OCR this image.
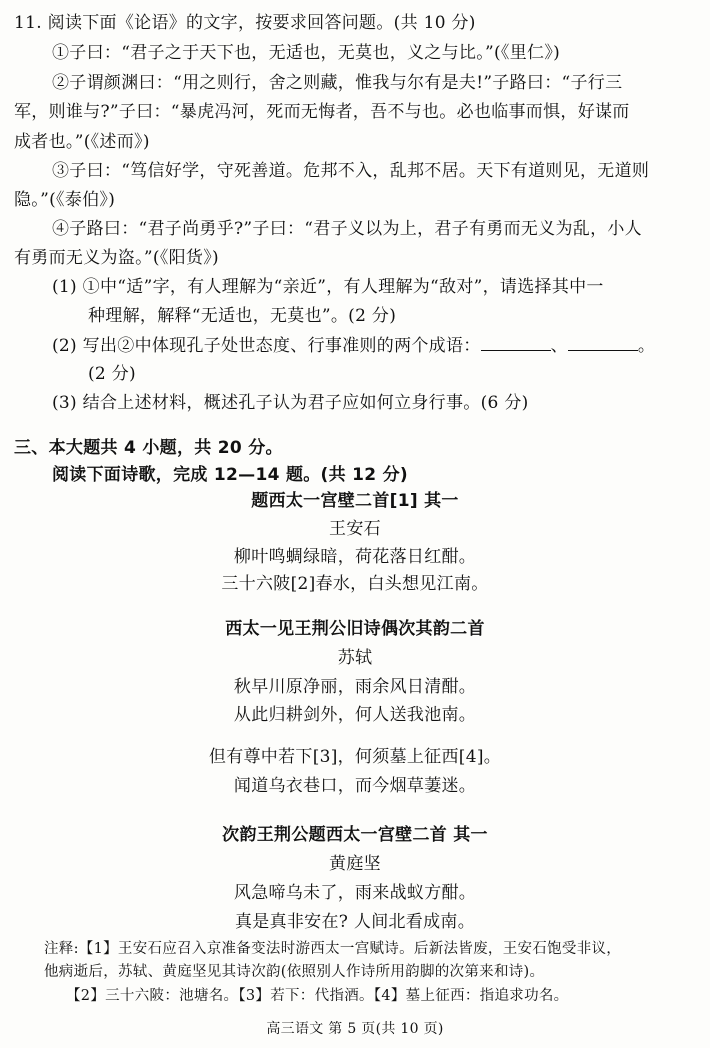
11. 阅读下面《论语》的文字，按要求回答问题。(共 10 分)
①子曰：“君子之于天下也，无适也，无莫也，义之与比。”(《里仁》)
②子谓颜渊曰：“用之则行，舍之则藏，惟我与尔有是夫!”子路曰：“子行三
军，则谁与?”子曰：“暴虎冯河，死而无悔者，吾不与也。必也临事而惧，好谋而
成者也。”(《述而》)
③子曰：“笃信好学，守死善道。危邦不入，乱邦不居。天下有道则见，无道则
隐。”(《泰伯》)
④子路曰：“君子尚勇乎?”子曰：“君子义以为上，君子有勇而无义为乱，小人
有勇而无义为盗。”(《阳货》)
(1) ①中“适”字，有人理解为“亲近”，有人理解为“敌对”，请选择其中一
种理解，解释“无适也，无莫也”。(2 分)
(2) 写出②中体现孔子处世态度、行事准则的两个成语：	、	。
(2 分)
(3) 结合上述材料，概述孔子认为君子应如何立身行事。(6 分)
三、本大题共 4 小题，共 20 分。
阅读下面诗歌，完成 12—14 题。(共 12 分)
题西太一宫壁二首[1] 其一
王安石
柳叶鸣蜩绿暗，荷花落日红酣。
三十六陂[2]春水，白头想见江南。
西太一见王荆公旧诗偶次其韵二首
苏轼
秋早川原净丽，雨余风日清酣。
从此归耕剑外，何人送我池南。
但有尊中若下[3]，何须墓上征西[4]。
闻道乌衣巷口，而今烟草萋迷。
次韵王荆公题西太一宫壁二首 其一
黄庭坚
风急啼乌未了，雨来战蚁方酣。
真是真非安在? 人间北看成南。
注释:【1】王安石应召入京准备变法时游西太一宫赋诗。后新法皆废，王安石饱受非议，
他病逝后，苏轼、黄庭坚见其诗次韵(依照别人作诗所用韵脚的次第来和诗)。
【2】三十六陂：池塘名。【3】若下：代指酒。【4】墓上征西：指追求功名。
高三语文 第 5 页(共 10 页)
